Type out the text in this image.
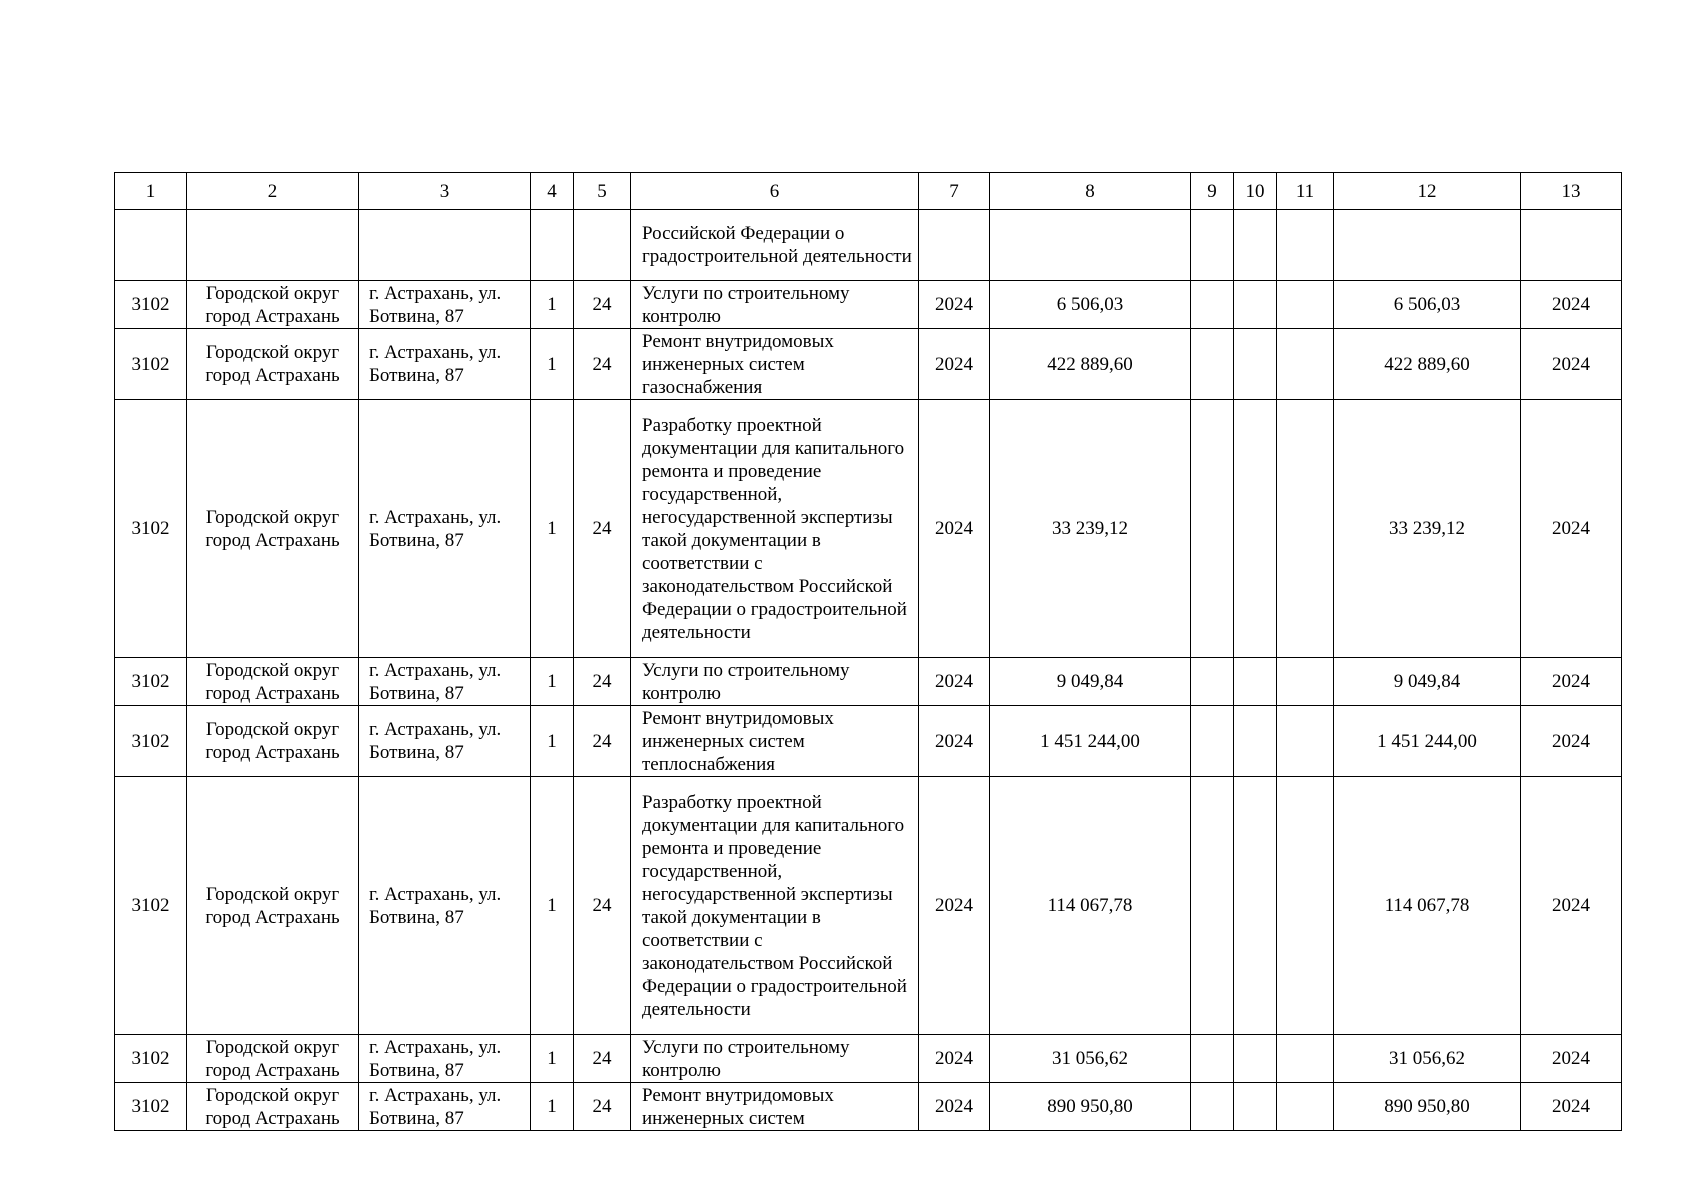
1	2	3	4	5	6	7	8	9	10	11	12	13
					Российской Федерации о градостроительной деятельности							
3102	Городской округ город Астрахань	г. Астрахань, ул. Ботвина, 87	1	24	Услуги по строительному контролю	2024	6 506,03				6 506,03	2024
3102	Городской округ город Астрахань	г. Астрахань, ул. Ботвина, 87	1	24	Ремонт внутридомовых инженерных систем газоснабжения	2024	422 889,60				422 889,60	2024
3102	Городской округ город Астрахань	г. Астрахань, ул. Ботвина, 87	1	24	Разработку проектной документации для капитального ремонта и проведение государственной, негосударственной экспертизы такой документации в соответствии с законодательством Российской Федерации о градостроительной деятельности	2024	33 239,12				33 239,12	2024
3102	Городской округ город Астрахань	г. Астрахань, ул. Ботвина, 87	1	24	Услуги по строительному контролю	2024	9 049,84				9 049,84	2024
3102	Городской округ город Астрахань	г. Астрахань, ул. Ботвина, 87	1	24	Ремонт внутридомовых инженерных систем теплоснабжения	2024	1 451 244,00				1 451 244,00	2024
3102	Городской округ город Астрахань	г. Астрахань, ул. Ботвина, 87	1	24	Разработку проектной документации для капитального ремонта и проведение государственной, негосударственной экспертизы такой документации в соответствии с законодательством Российской Федерации о градостроительной деятельности	2024	114 067,78				114 067,78	2024
3102	Городской округ город Астрахань	г. Астрахань, ул. Ботвина, 87	1	24	Услуги по строительному контролю	2024	31 056,62				31 056,62	2024
3102	Городской округ город Астрахань	г. Астрахань, ул. Ботвина, 87	1	24	Ремонт внутридомовых инженерных систем	2024	890 950,80				890 950,80	2024
